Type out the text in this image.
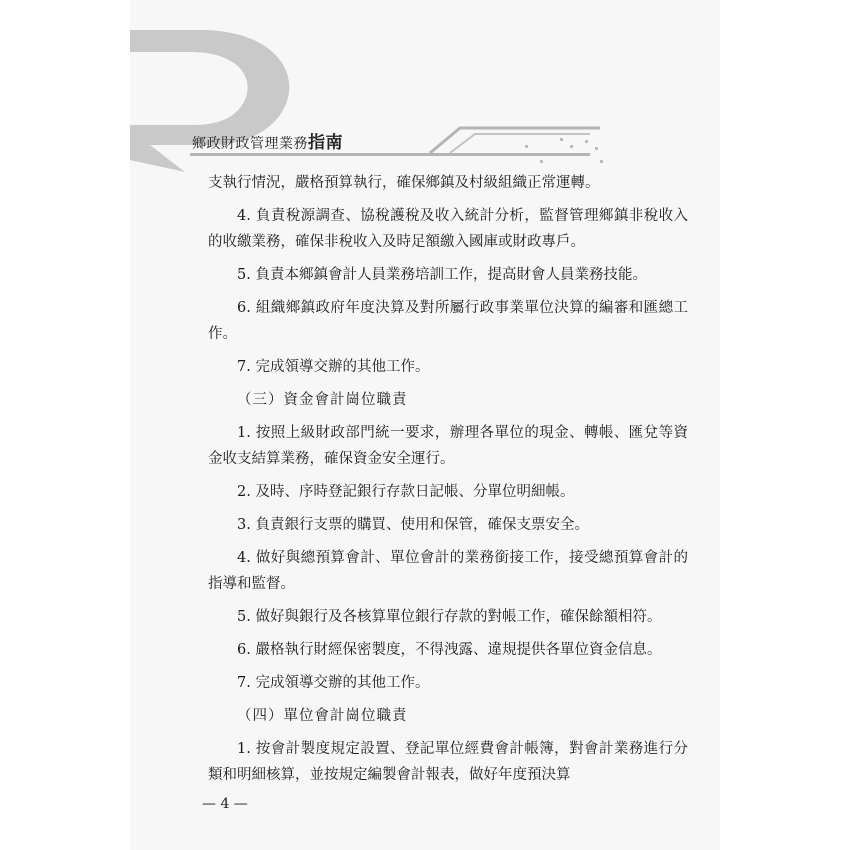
鄉政財政管理業務指南

支執行情況，嚴格預算執行，確保鄉鎮及村級組織正常運轉。

4. 負責稅源調查、協稅護稅及收入統計分析，監督管理鄉鎮非稅收入的收繳業務，確保非稅收入及時足額繳入國庫或財政專戶。

5. 負責本鄉鎮會計人員業務培訓工作，提高財會人員業務技能。

6. 組織鄉鎮政府年度決算及對所屬行政事業單位決算的編審和匯總工作。

7. 完成領導交辦的其他工作。

（三）資金會計崗位職責

1. 按照上級財政部門統一要求，辦理各單位的現金、轉帳、匯兌等資金收支結算業務，確保資金安全運行。

2. 及時、序時登記銀行存款日記帳、分單位明細帳。

3. 負責銀行支票的購買、使用和保管，確保支票安全。

4. 做好與總預算會計、單位會計的業務銜接工作，接受總預算會計的指導和監督。

5. 做好與銀行及各核算單位銀行存款的對帳工作，確保餘額相符。

6. 嚴格執行財經保密製度，不得洩露、違規提供各單位資金信息。

7. 完成領導交辦的其他工作。

（四）單位會計崗位職責

1. 按會計製度規定設置、登記單位經費會計帳簿，對會計業務進行分類和明細核算，並按規定編製會計報表，做好年度預決算

— 4 —
